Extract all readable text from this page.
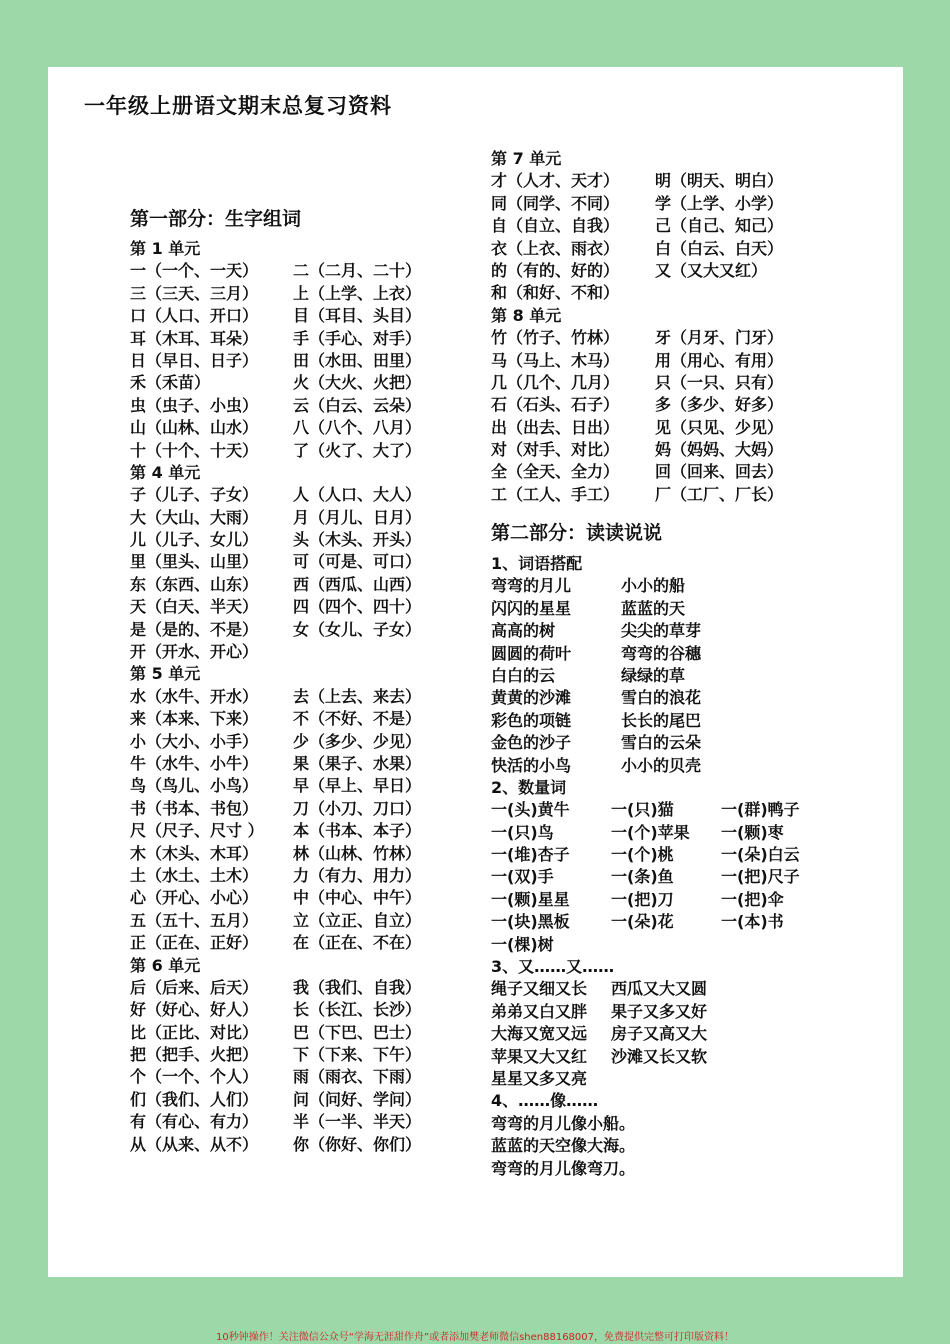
一年级上册语文期末总复习资料
第一部分：生字组词
第 1 单元
一（一个、一天） 二（二月、二十）
三（三天、三月） 上（上学、上衣）
口（人口、开口） 目（耳目、头目）
耳（木耳、耳朵） 手（手心、对手）
日（早日、日子） 田（水田、田里）
禾（禾苗）	火（大火、火把）
虫（虫子、小虫） 云（白云、云朵）
山（山林、山水） 八（八个、八月）
十（十个、十天） 了（火了、大了）
第 4 单元
子（儿子、子女） 人（人口、大人）
大（大山、大雨） 月（月儿、日月）
儿（儿子、女儿） 头（木头、开头）
里（里头、山里） 可（可是、可口）
东（东西、山东） 西（西瓜、山西）
天（白天、半天） 四（四个、四十）
是（是的、不是） 女（女儿、子女）
开（开水、开心）
第 5 单元
水（水牛、开水） 去（上去、来去）
来（本来、下来） 不（不好、不是）
小（大小、小手） 少（多少、少见）
牛（水牛、小牛） 果（果子、水果）
鸟（鸟儿、小鸟） 早（早上、早日）
书（书本、书包） 刀（小刀、刀口）
尺（尺子、尺寸 ） 本（书本、本子）
木（木头、木耳） 林（山林、竹林）
土（水土、土木） 力（有力、用力）
心（开心、小心） 中（中心、中午）
五（五十、五月） 立（立正、自立）
正（正在、正好） 在（正在、不在）
第 6 单元
后（后来、后天） 我（我们、自我）
好（好心、好人） 长（长江、长沙）
比（正比、对比） 巴（下巴、巴士）
把（把手、火把） 下（下来、下午）
个（一个、个人） 雨（雨衣、下雨）
们（我们、人们） 问（问好、学问）
有（有心、有力） 半（一半、半天）
从（从来、从不） 你（你好、你们）
第 7 单元
才（人才、天才） 明（明天、明白）
同（同学、不同） 学（上学、小学）
自（自立、自我） 己（自己、知己）
衣（上衣、雨衣） 白（白云、白天）
的（有的、好的） 又（又大又红）
和（和好、不和）
第 8 单元
竹（竹子、竹林） 牙（月牙、门牙）
马（马上、木马） 用（用心、有用）
几（几个、几月） 只（一只、只有）
石（石头、石子） 多（多少、好多）
出（出去、日出） 见（只见、少见）
对（对手、对比） 妈（妈妈、大妈）
全（全天、全力） 回（回来、回去）
工（工人、手工） 厂（工厂、厂长）
第二部分：读读说说
1、词语搭配
弯弯的月儿	小小的船
闪闪的星星	蓝蓝的天
高高的树	尖尖的草芽
圆圆的荷叶	弯弯的谷穗
白白的云	绿绿的草
黄黄的沙滩	雪白的浪花
彩色的项链	长长的尾巴
金色的沙子	雪白的云朵
快活的小鸟	小小的贝壳
2、数量词
一(头)黄牛	一(只)猫	一(群)鸭子
一(只)鸟	一(个)苹果 一(颗)枣
一(堆)杏子	一(个)桃	一(朵)白云
一(双)手	一(条)鱼	一(把)尺子
一(颗)星星	一(把)刀	一(把)伞
一(块)黑板	一(朵)花	一(本)书
一(棵)树
3、又……又……
绳子又细又长 西瓜又大又圆
弟弟又白又胖 果子又多又好
大海又宽又远 房子又高又大
苹果又大又红 沙滩又长又软
星星又多又亮
4、……像……
弯弯的月儿像小船。
蓝蓝的天空像大海。
弯弯的月儿像弯刀。
10秒钟操作！关注微信公众号“学海无涯甜作舟”或者添加樊老师微信shen88168007，免费提供完整可打印版资料！
